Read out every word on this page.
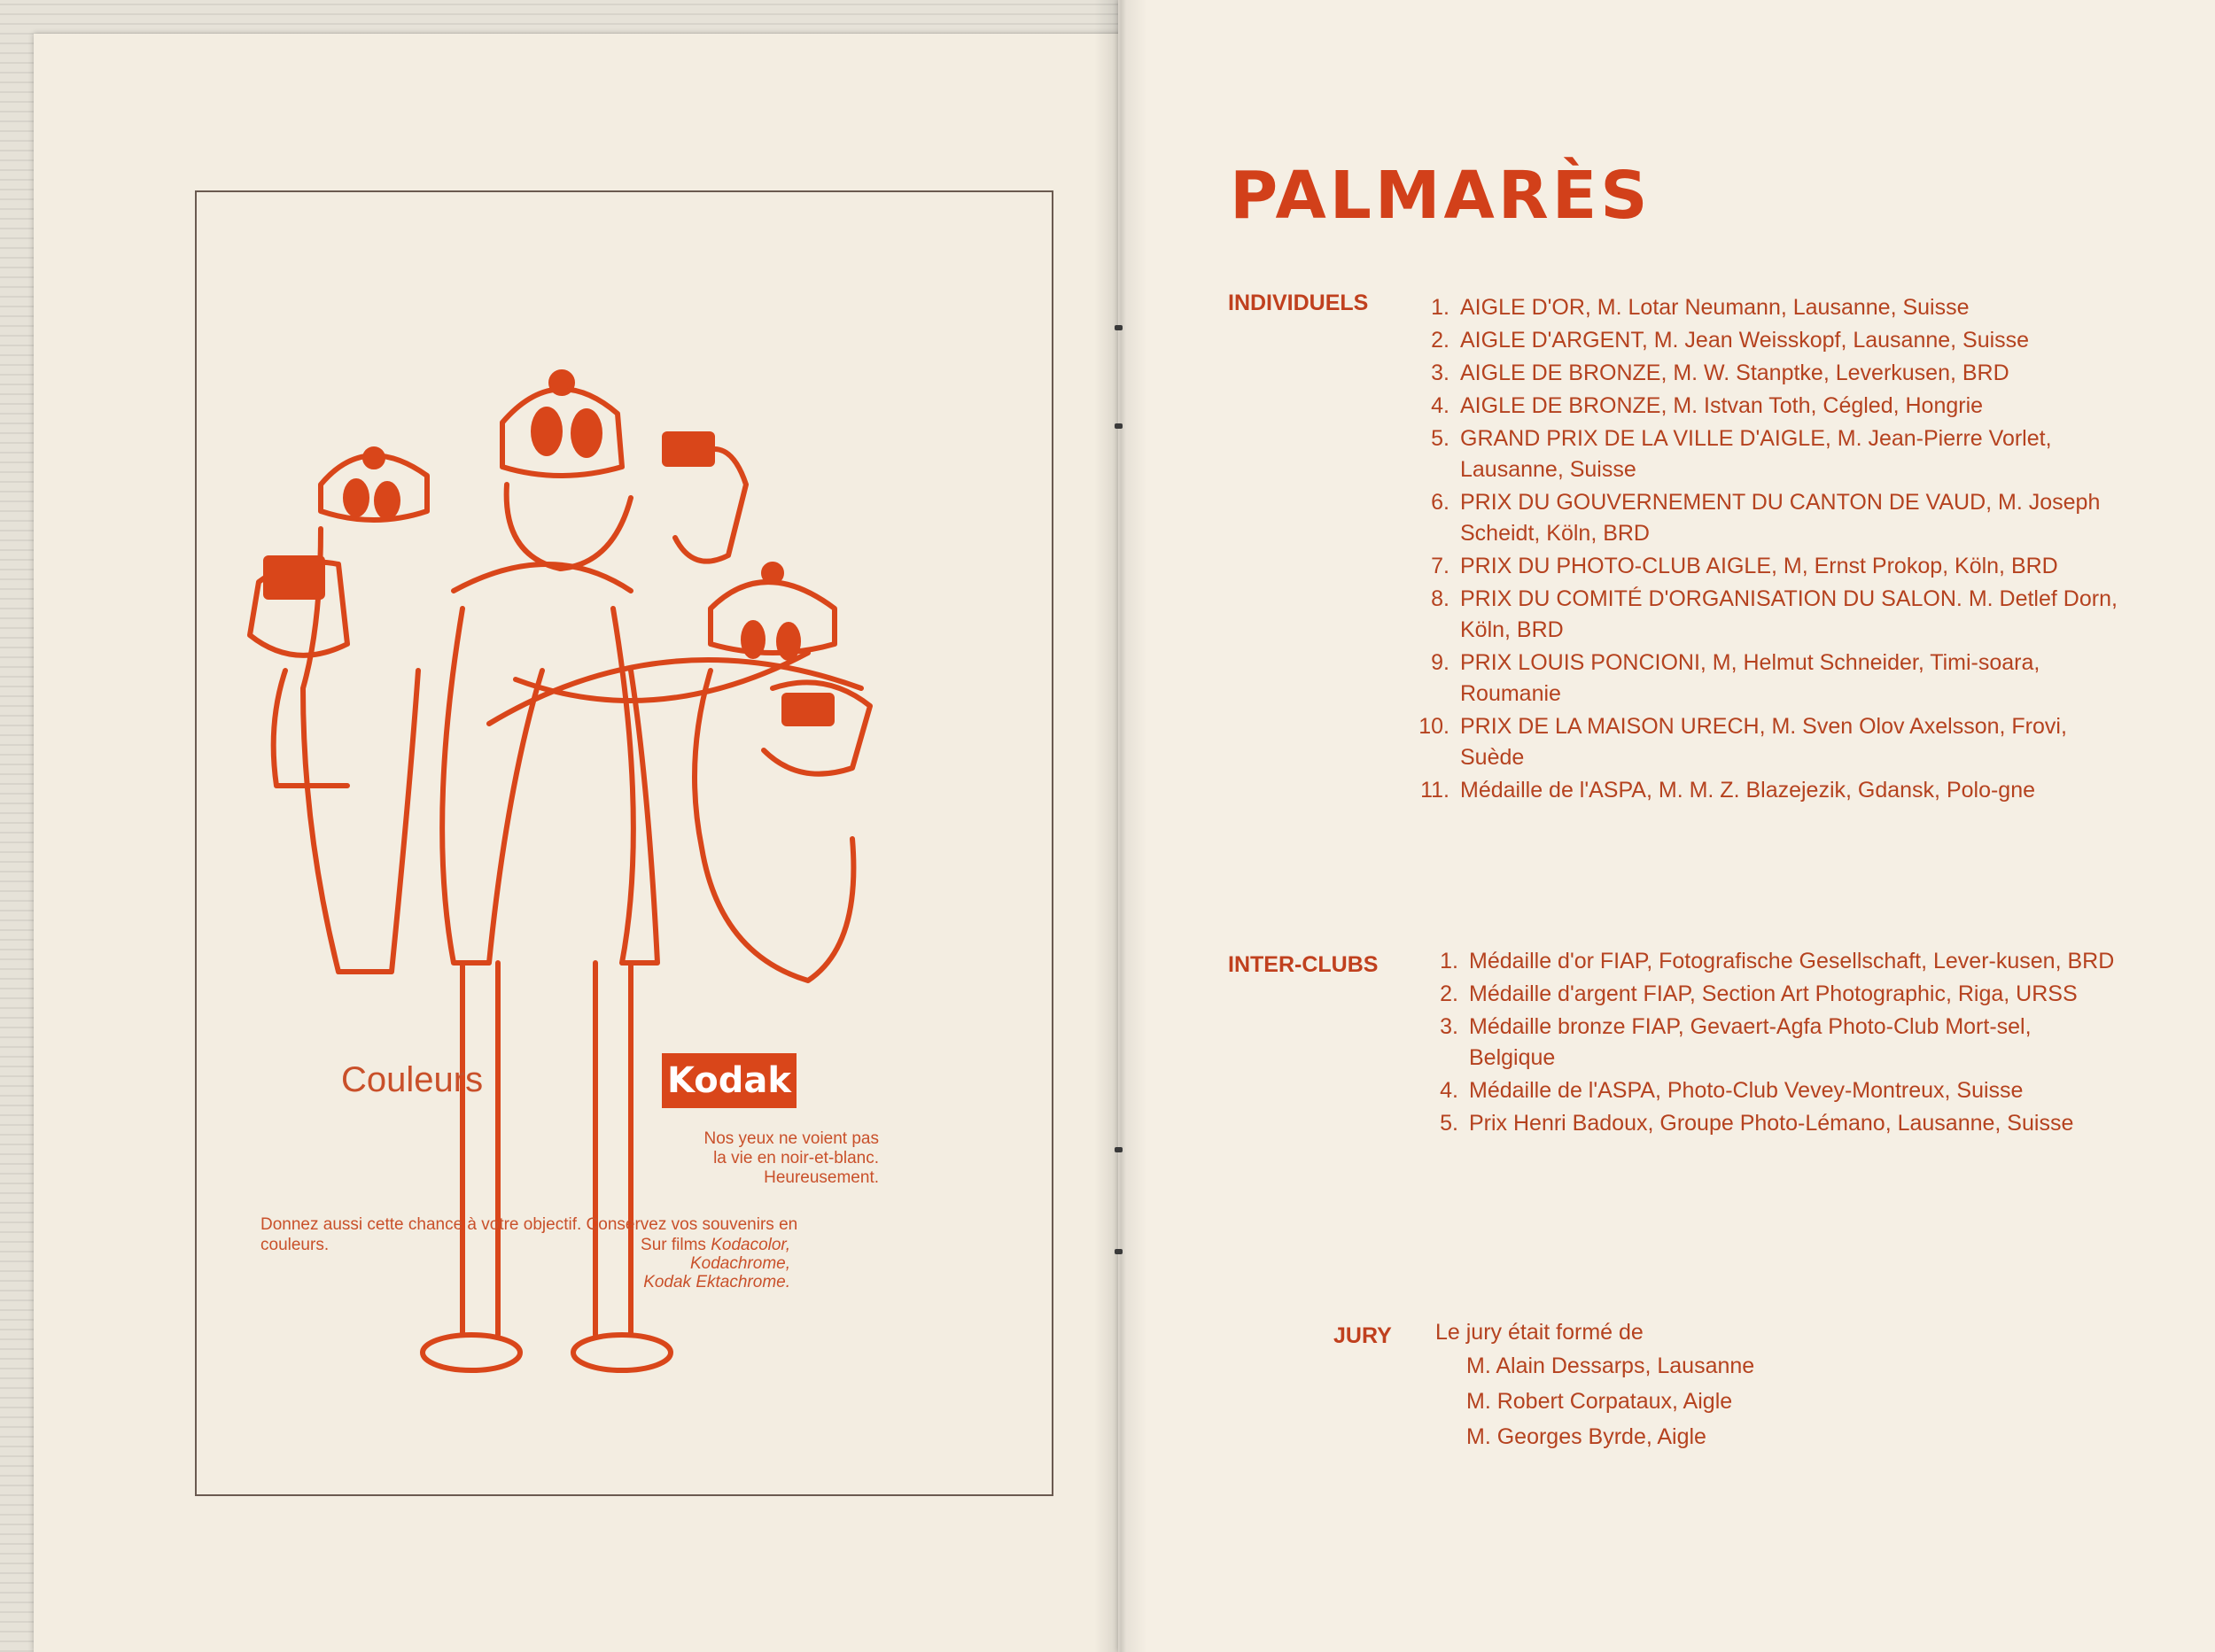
Couleurs	Kodak
Nos yeux ne voient pas
la vie en noir-et-blanc.
Heureusement.
Donnez aussi cette chance à votre objectif. Conservez vos souvenirs en couleurs.	Sur films Kodacolor,
Kodachrome,
Kodak Ektachrome.
PALMARÈS
INDIVIDUELS	1. AIGLE D'OR, M. Lotar Neumann, Lausanne, Suisse
2. AIGLE D'ARGENT, M. Jean Weisskopf, Lausanne, Suisse
3. AIGLE DE BRONZE, M. W. Stanptke, Leverkusen, BRD
4. AIGLE DE BRONZE, M. Istvan Toth, Cégled, Hongrie
5. GRAND PRIX DE LA VILLE D'AIGLE, M. Jean-Pierre Vorlet, Lausanne, Suisse
6. PRIX DU GOUVERNEMENT DU CANTON DE VAUD, M. Joseph Scheidt, Köln, BRD
7. PRIX DU PHOTO-CLUB AIGLE, M, Ernst Prokop, Köln, BRD
8. PRIX DU COMITÉ D'ORGANISATION DU SALON. M. Detlef Dorn, Köln, BRD
9. PRIX LOUIS PONCIONI, M, Helmut Schneider, Timi-soara, Roumanie
10. PRIX DE LA MAISON URECH, M. Sven Olov Axelsson, Frovi, Suède
11. Médaille de l'ASPA, M. M. Z. Blazejezik, Gdansk, Polo-gne
INTER-CLUBS	1. Médaille d'or FIAP, Fotografische Gesellschaft, Lever-kusen, BRD
2. Médaille d'argent FIAP, Section Art Photographic, Riga, URSS
3. Médaille bronze FIAP, Gevaert-Agfa Photo-Club Mort-sel, Belgique
4. Médaille de l'ASPA, Photo-Club Vevey-Montreux, Suisse
5. Prix Henri Badoux, Groupe Photo-Lémano, Lausanne, Suisse
JURY Le jury était formé de
M. Alain Dessarps, Lausanne
M. Robert Corpataux, Aigle
M. Georges Byrde, Aigle
